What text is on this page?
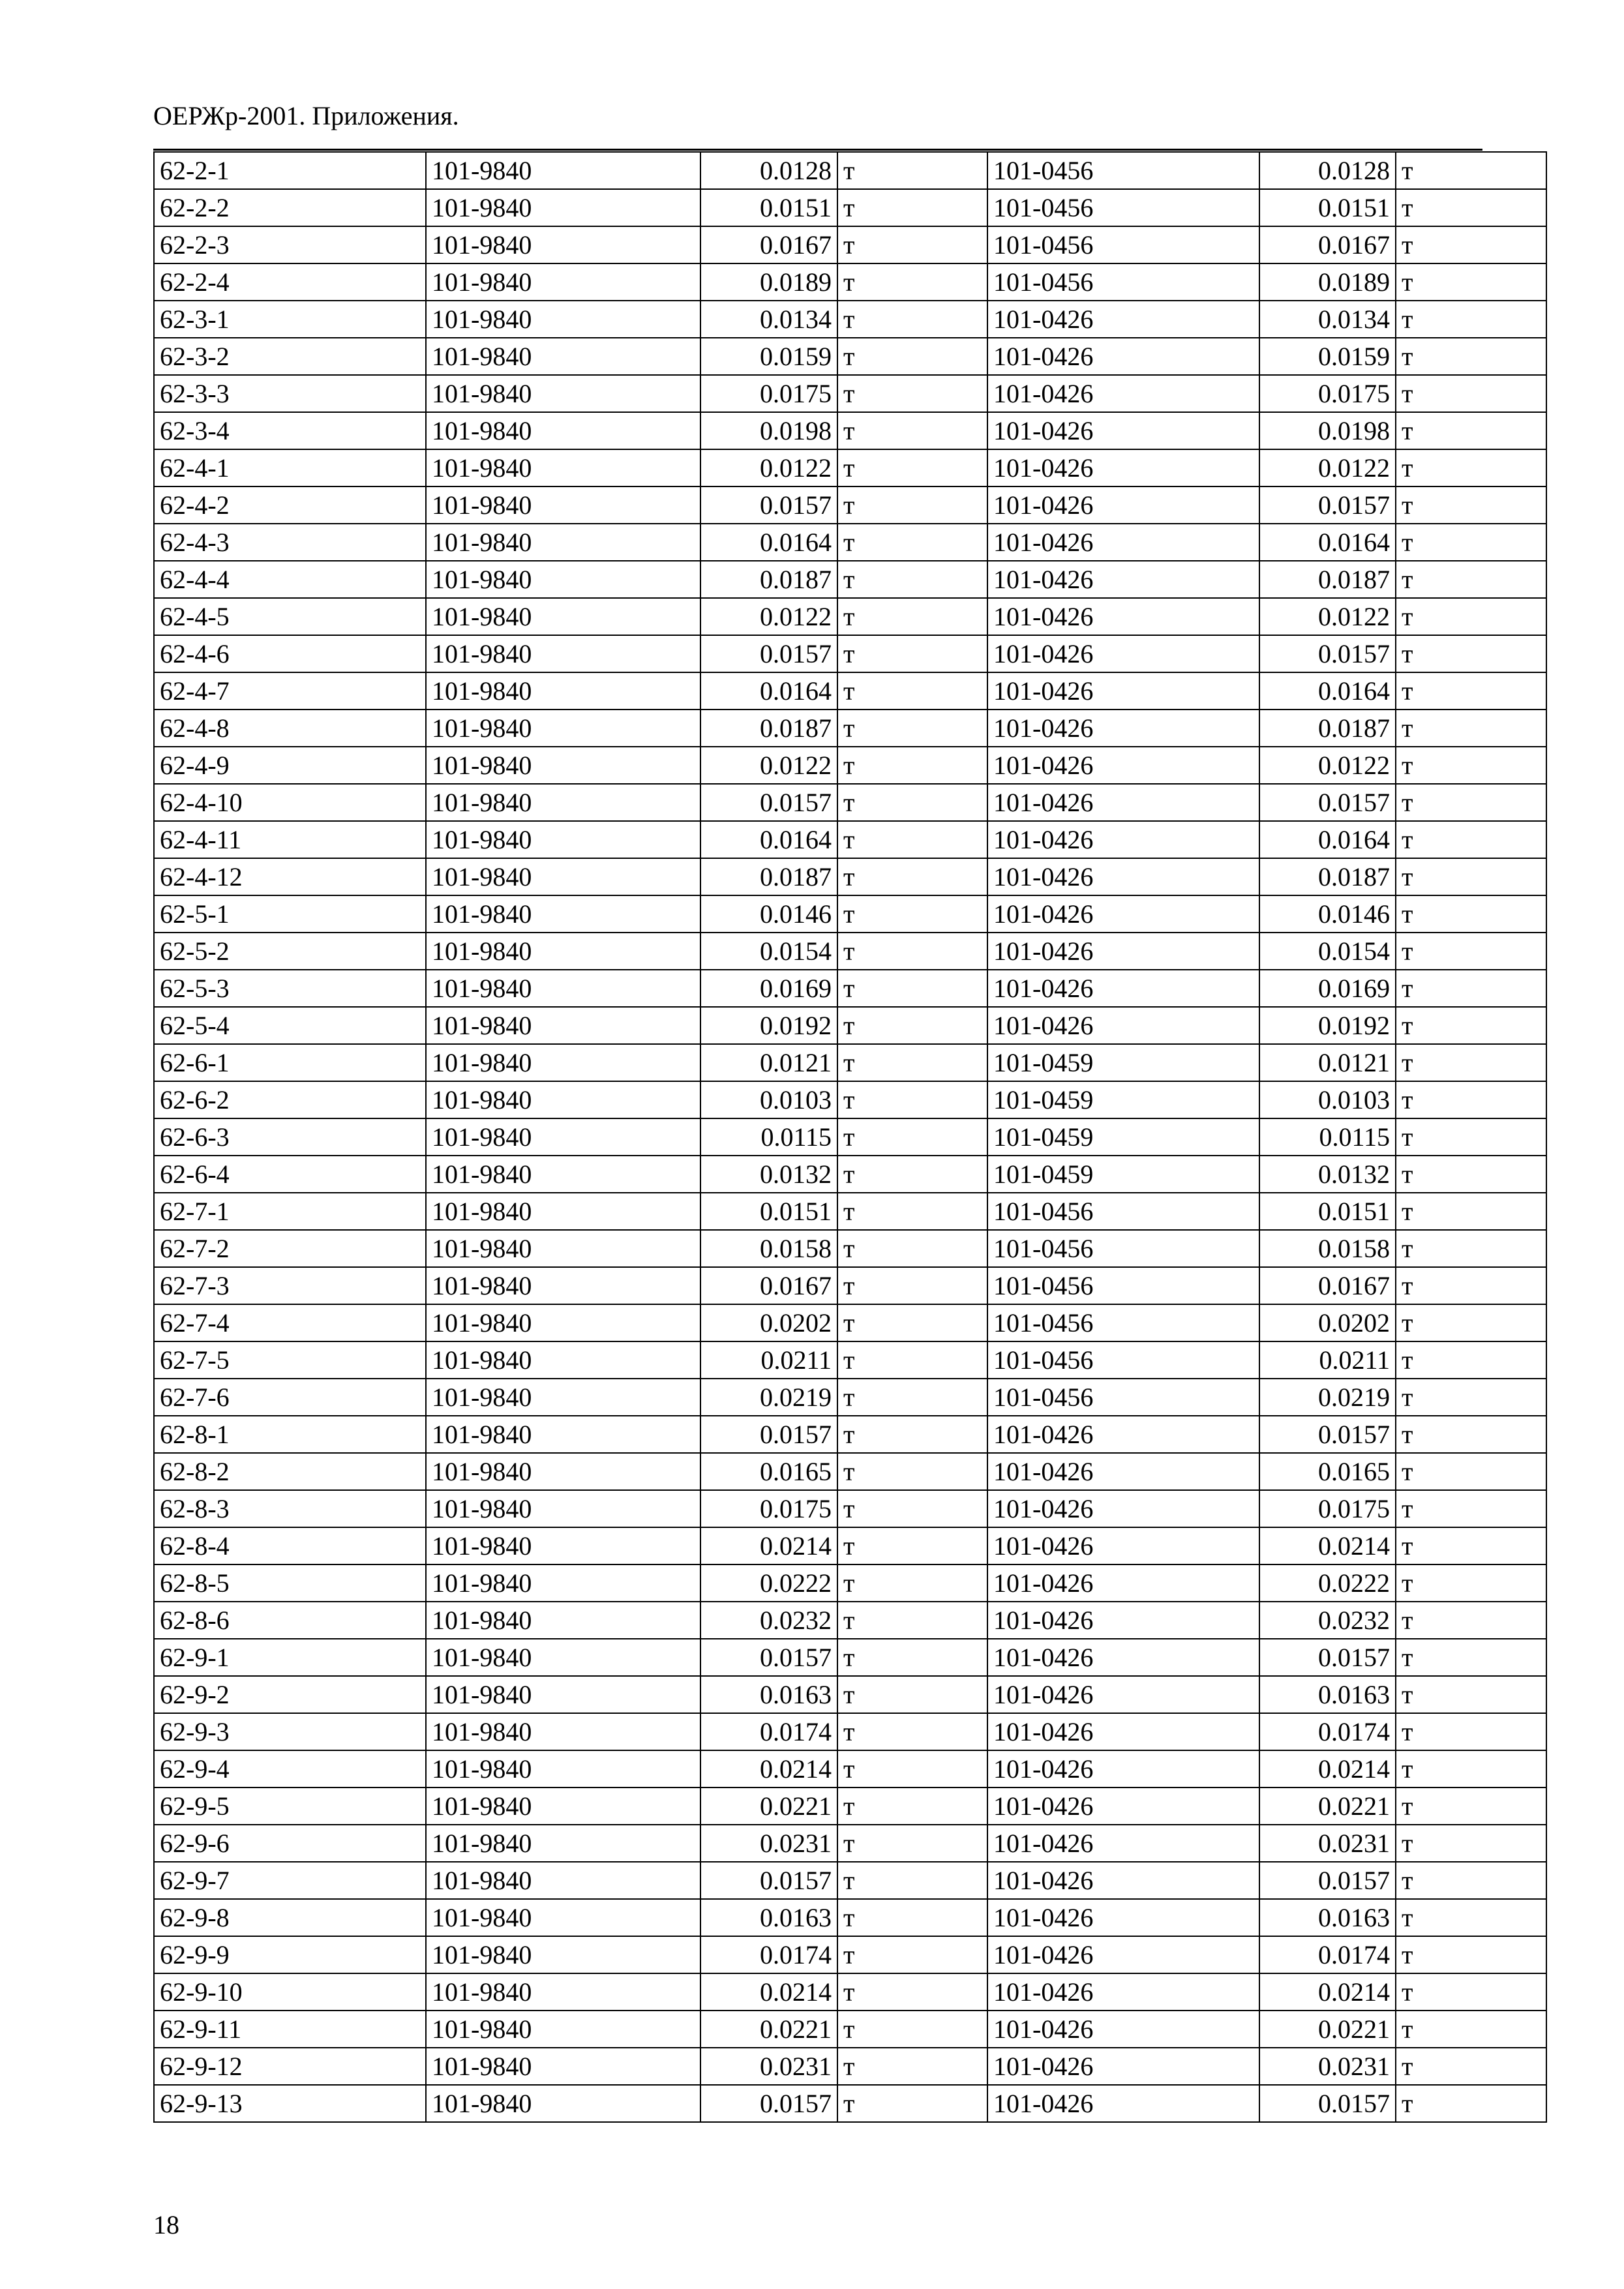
ОЕРЖр-2001. Приложения.
62-2-1	101-9840	0.0128	т	101-0456	0.0128	т
62-2-2	101-9840	0.0151	т	101-0456	0.0151	т
62-2-3	101-9840	0.0167	т	101-0456	0.0167	т
62-2-4	101-9840	0.0189	т	101-0456	0.0189	т
62-3-1	101-9840	0.0134	т	101-0426	0.0134	т
62-3-2	101-9840	0.0159	т	101-0426	0.0159	т
62-3-3	101-9840	0.0175	т	101-0426	0.0175	т
62-3-4	101-9840	0.0198	т	101-0426	0.0198	т
62-4-1	101-9840	0.0122	т	101-0426	0.0122	т
62-4-2	101-9840	0.0157	т	101-0426	0.0157	т
62-4-3	101-9840	0.0164	т	101-0426	0.0164	т
62-4-4	101-9840	0.0187	т	101-0426	0.0187	т
62-4-5	101-9840	0.0122	т	101-0426	0.0122	т
62-4-6	101-9840	0.0157	т	101-0426	0.0157	т
62-4-7	101-9840	0.0164	т	101-0426	0.0164	т
62-4-8	101-9840	0.0187	т	101-0426	0.0187	т
62-4-9	101-9840	0.0122	т	101-0426	0.0122	т
62-4-10	101-9840	0.0157	т	101-0426	0.0157	т
62-4-11	101-9840	0.0164	т	101-0426	0.0164	т
62-4-12	101-9840	0.0187	т	101-0426	0.0187	т
62-5-1	101-9840	0.0146	т	101-0426	0.0146	т
62-5-2	101-9840	0.0154	т	101-0426	0.0154	т
62-5-3	101-9840	0.0169	т	101-0426	0.0169	т
62-5-4	101-9840	0.0192	т	101-0426	0.0192	т
62-6-1	101-9840	0.0121	т	101-0459	0.0121	т
62-6-2	101-9840	0.0103	т	101-0459	0.0103	т
62-6-3	101-9840	0.0115	т	101-0459	0.0115	т
62-6-4	101-9840	0.0132	т	101-0459	0.0132	т
62-7-1	101-9840	0.0151	т	101-0456	0.0151	т
62-7-2	101-9840	0.0158	т	101-0456	0.0158	т
62-7-3	101-9840	0.0167	т	101-0456	0.0167	т
62-7-4	101-9840	0.0202	т	101-0456	0.0202	т
62-7-5	101-9840	0.0211	т	101-0456	0.0211	т
62-7-6	101-9840	0.0219	т	101-0456	0.0219	т
62-8-1	101-9840	0.0157	т	101-0426	0.0157	т
62-8-2	101-9840	0.0165	т	101-0426	0.0165	т
62-8-3	101-9840	0.0175	т	101-0426	0.0175	т
62-8-4	101-9840	0.0214	т	101-0426	0.0214	т
62-8-5	101-9840	0.0222	т	101-0426	0.0222	т
62-8-6	101-9840	0.0232	т	101-0426	0.0232	т
62-9-1	101-9840	0.0157	т	101-0426	0.0157	т
62-9-2	101-9840	0.0163	т	101-0426	0.0163	т
62-9-3	101-9840	0.0174	т	101-0426	0.0174	т
62-9-4	101-9840	0.0214	т	101-0426	0.0214	т
62-9-5	101-9840	0.0221	т	101-0426	0.0221	т
62-9-6	101-9840	0.0231	т	101-0426	0.0231	т
62-9-7	101-9840	0.0157	т	101-0426	0.0157	т
62-9-8	101-9840	0.0163	т	101-0426	0.0163	т
62-9-9	101-9840	0.0174	т	101-0426	0.0174	т
62-9-10	101-9840	0.0214	т	101-0426	0.0214	т
62-9-11	101-9840	0.0221	т	101-0426	0.0221	т
62-9-12	101-9840	0.0231	т	101-0426	0.0231	т
62-9-13	101-9840	0.0157	т	101-0426	0.0157	т
18
